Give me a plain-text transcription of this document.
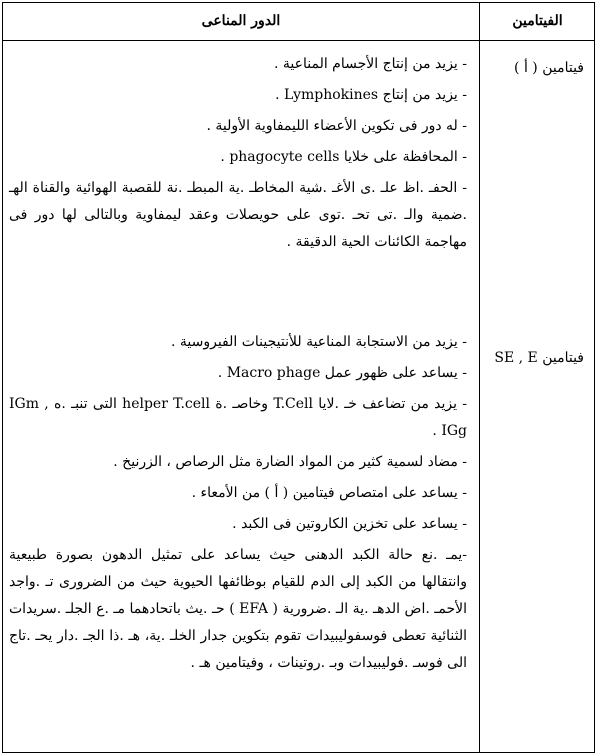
الدور المناعى	الفيتامين
فيتامين ( أ )
- يزيد من إنتاج الأجسام المناعية .
- يزيد من إنتاج Lymphokines .
- له دور فى تكوين الأعضاء الليمفاوية الأولية .
- المحافظة على خلايا phagocyte cells .
- الحفـ .اظ علـ .ى الأغـ .شية المخاطـ .ية المبطـ .نة للقصبة الهوائية والقناة الهـ .ضمية والـ .تى تحـ .توى على حويصلات وعقد ليمفاوية وبالتالى لها دور فى مهاجمة الكائنات الحية الدقيقة .
فيتامين SE , E
- يزيد من الاستجابة المناعية للأنتيجينات الفيروسية .
- يساعد على ظهور عمل Macro phage .
- يزيد من تضاعف خـ .لايا T.Cell وخاصـ .ة helper T.cell التى تنبـ .ه IGm , IGg .
- مضاد لسمية كثير من المواد الضارة مثل الرصاص ، الزرنيخ .
- يساعد على امتصاص فيتامين ( أ ) من الأمعاء .
- يساعد على تخزين الكاروتين فى الكبد .
-يمـ .نع حالة الكبد الدهنى حيث يساعد على تمثيل الدهون بصورة طبيعية وانتقالها من الكبد إلى الدم للقيام بوظائفها الحيوية حيث من الضرورى تـ .واجد الأحمـ .اض الدهـ .ية الـ .ضرورية ( EFA ) حـ .يث باتحادهما مـ .ع الجلـ .سريدات الثنائية تعطى فوسفوليبيدات تقوم بتكوين جدار الخلـ .ية، هـ .ذا الجـ .دار يحـ .تاج الى فوسـ .فوليبيدات وبـ .روتينات ، وفيتامين هـ .
